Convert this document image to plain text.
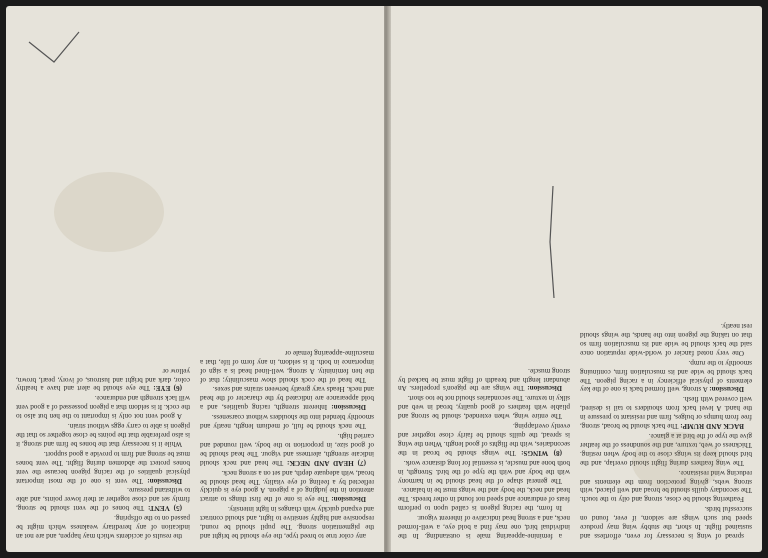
spread of wing is necessary for even, effortless and sustained flight. In short, the stubby wing may produce speed but such wings are seldom, if ever, found on successful birds.

Feathering should be close, strong and oily to the touch. The secondary quills should be broad and well placed, with strong webs, giving protection from the elements and reducing wind resistance.

The wing feathers during flight should overlap, and the bird should keep its wings close to the body when resting. Thickness of web, texture, and the soundness of the feather give the type of the bird at a glance.

BACK AND RUMP: The back should be broad, strong, free from humps or bulges, firm and resistant to pressure in the hand. A level back from shoulders to tail is desired, well covered with flesh.

Discussion: A strong, well formed back is one of the key elements of physical efficiency in a racing pigeon. The back should be wide and its musculation firm, continuing smoothly to the rump.

One very noted fancier of world-wide reputation once said the back should be wide and its musculation firm so that on taking the pigeon into the hands, the wings should rest neatly.

a feminine-appearing male is outstanding. In the individual bird, one may find a bold eye, a well-formed neck, and a strong head indicative of inherent vigour.

In form, the racing pigeon is called upon to perform feats of endurance and speed not found in other breeds. The head and neck, the body and the wings must be in balance.

The general shape of the head should be in harmony with the body and with the type of the bird. Strength, in both bone and muscle, is essential for long distance work.

(8) WINGS: The wings should be broad in the secondaries, with the flights of good length. When the wing is spread, the quills should be fairly close together and evenly overlapping.

The entire wing, when extended, should be strong and pliable with feathers of good quality, broad in web and silky in texture. The secondaries should not be too short.

Discussion: The wings are the pigeon's propellers. An abundant length and breadth of flight must be backed by strong muscle.

any color true to breed type, the eye should be bright and the pigmentation strong. The pupil should be round, responsive and highly sensitive to light, and should contract and expand quickly with changes in light intensity.

Discussion: The eye is one of the first things to attract attention in the judging of a pigeon. A good eye is quickly reflected by a feeling of eye vitality. The head should be broad, with adequate depth, and set on a strong neck.

(7) HEAD AND NECK: The head and neck should indicate strength, alertness and vigour. The head should be of good size, in proportion to the body, well rounded and carried high.

The neck should be full, of medium length, neatly and smoothly blended into the shoulders without coarseness.

Discussion: Inherent strength, racing qualities, and a bold appearance are indicated by the character of the head and neck. Heads vary greatly between strains and sexes.

The head of the cock should show masculinity; that of the hen femininity. A strong, well-lined head is a sign of importance in both. It is seldom, in any form of life, that a masculine-appearing female or

the results of accidents which may happen, and are not an indication of any hereditary weakness which might be passed on to the offspring.

(5) VENT: The bones of the vent should be strong, firmly set and close together at their lower points, and able to withstand pressure.

Discussion: The vent is one of the most important physical qualities of the racing pigeon because the vent bones protect the abdomen during flight. The vent bones must be strong and firm to provide a good support.

While it is necessary that the bones be firm and strong, it is also preferable that the points be close together so that the pigeon is able to carry eggs without strain.

A good vent not only is important to the hen but also to the cock. It is seldom that a pigeon possessed of a good vent will lack strength and endurance.

(6) EYE: The eye should be alert and have a healthy color, dark and bright and lustrous, of ivory, pearl, brown, yellow or
